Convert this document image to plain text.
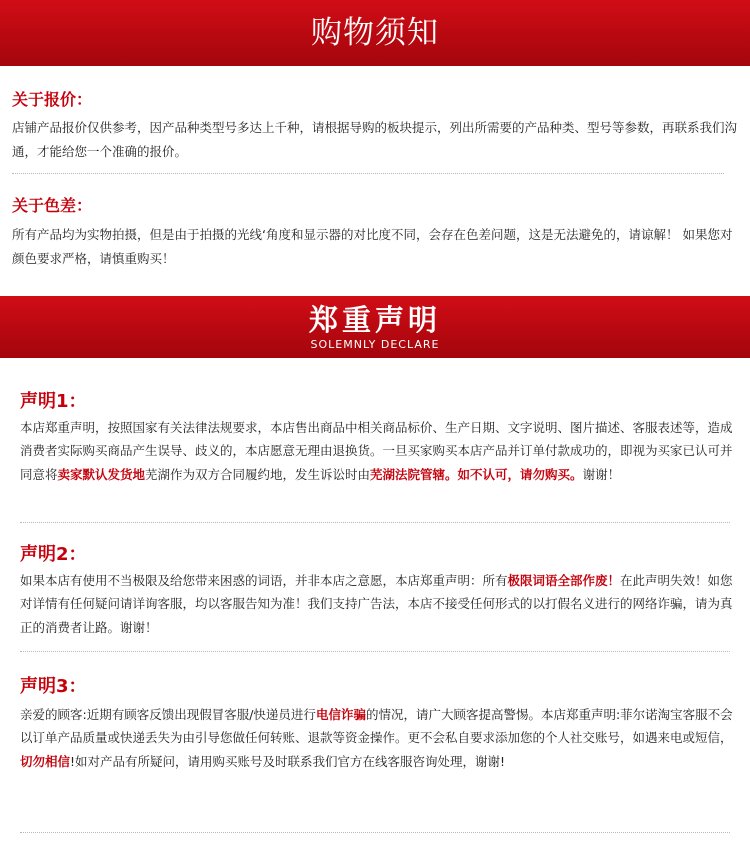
购物须知
关于报价：
店铺产品报价仅供参考，因产品种类型号多达上千种，请根据导购的板块提示，列出所需要的产品种类、型号等参数，再联系我们沟通，才能给您一个准确的报价。
关于色差：
所有产品均为实物拍摄，但是由于拍摄的光线‘角度和显示器的对比度不同，会存在色差问题，这是无法避免的，请谅解！ 如果您对颜色要求严格，请慎重购买！
郑重声明
SOLEMNLY DECLARE
声明1：
本店郑重声明，按照国家有关法律法规要求，本店售出商品中相关商品标价、生产日期、文字说明、图片描述、客服表述等，造成消费者实际购买商品产生误导、歧义的，本店愿意无理由退换货。一旦买家购买本店产品并订单付款成功的，即视为买家已认可并同意将卖家默认发货地芜湖作为双方合同履约地，发生诉讼时由芜湖法院管辖。如不认可，请勿购买。谢谢！
声明2：
如果本店有使用不当极限及给您带来困惑的词语，并非本店之意愿，本店郑重声明：所有极限词语全部作废！在此声明失效！如您对详情有任何疑问请详询客服，均以客服告知为准！我们支持广告法，本店不接受任何形式的以打假名义进行的网络诈骗，请为真正的消费者让路。谢谢！
声明3：
亲爱的顾客:近期有顾客反馈出现假冒客服/快递员进行电信诈骗的情况，请广大顾客提高警惕。本店郑重声明:菲尔诺淘宝客服不会以订单产品质量或快递丢失为由引导您做任何转账、退款等资金操作。更不会私自要求添加您的个人社交账号，如遇来电或短信，切勿相信!如对产品有所疑问，请用购买账号及时联系我们官方在线客服咨询处理，谢谢!
